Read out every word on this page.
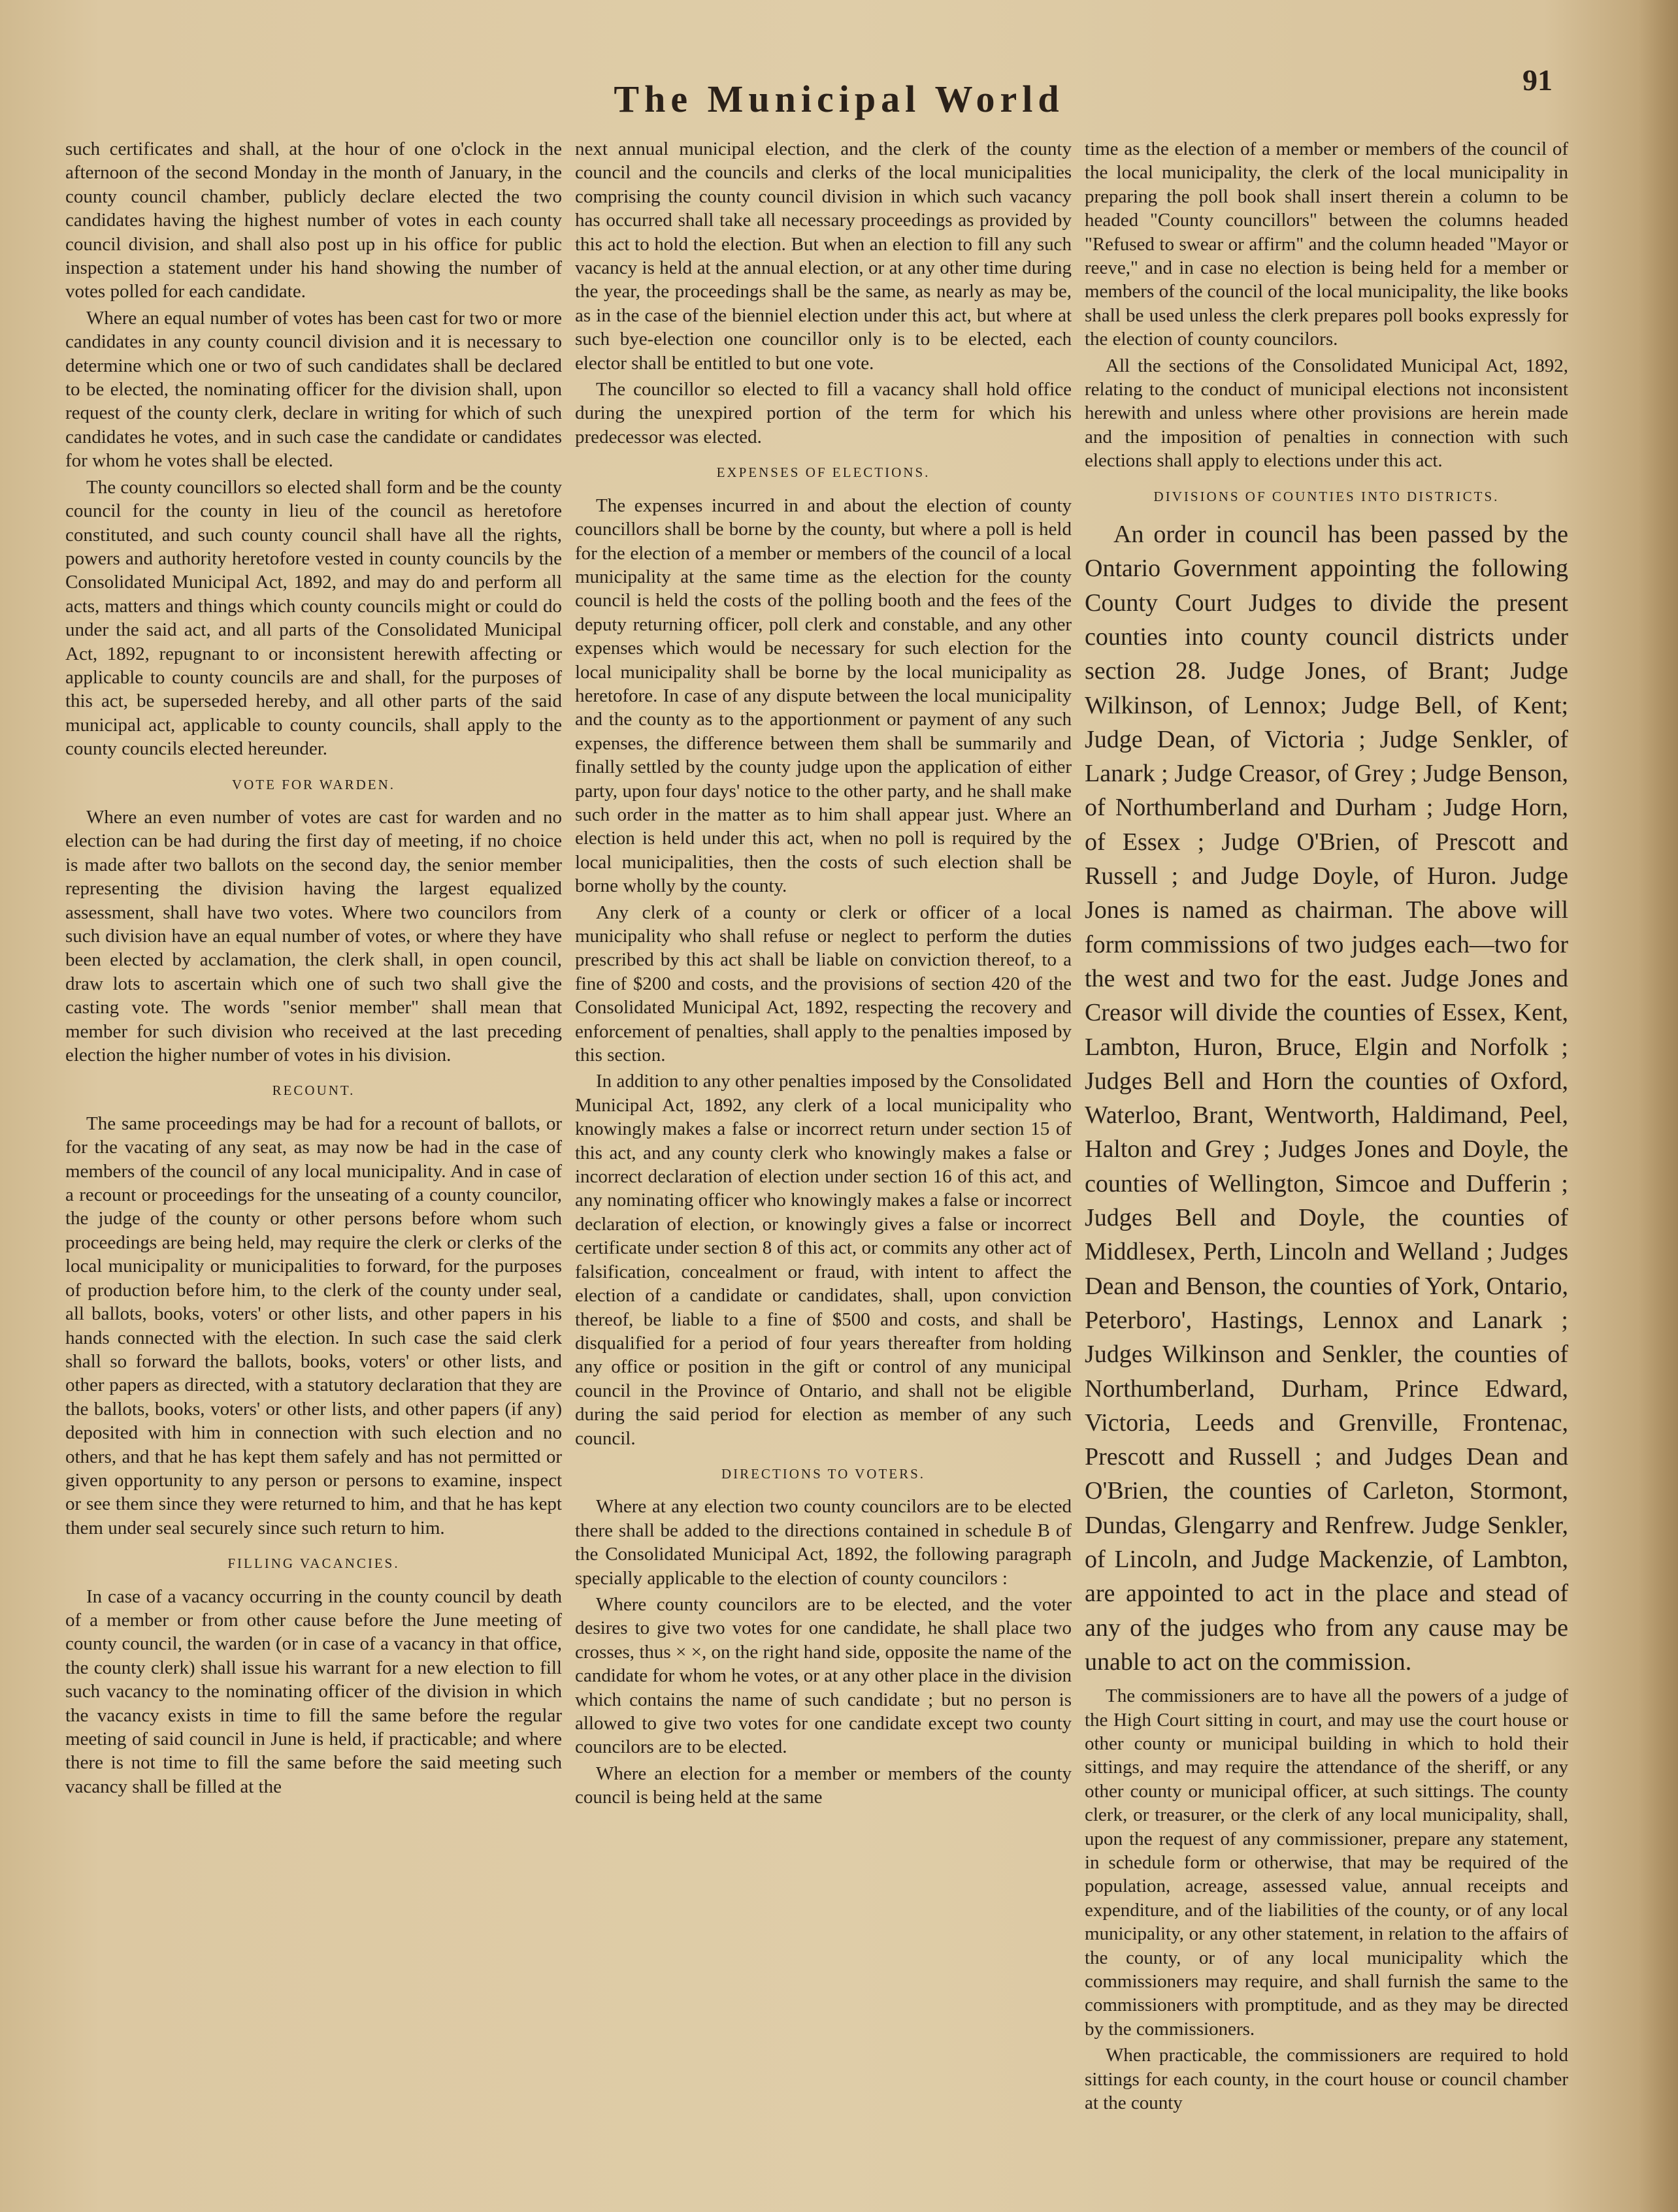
The Municipal World	91

such certificates and shall, at the hour of one o'clock in the afternoon of the second Monday in the month of January, in the county council chamber, publicly declare elected the two candidates having the highest number of votes in each county council division, and shall also post up in his office for public inspection a statement under his hand showing the number of votes polled for each candidate.

Where an equal number of votes has been cast for two or more candidates in any county council division and it is necessary to determine which one or two of such candidates shall be declared to be elected, the nominating officer for the division shall, upon request of the county clerk, declare in writing for which of such candidates he votes, and in such case the candidate or candidates for whom he votes shall be elected.

The county councillors so elected shall form and be the county council for the county in lieu of the council as heretofore constituted, and such county council shall have all the rights, powers and authority heretofore vested in county councils by the Consolidated Municipal Act, 1892, and may do and perform all acts, matters and things which county councils might or could do under the said act, and all parts of the Consolidated Municipal Act, 1892, repugnant to or inconsistent herewith affecting or applicable to county councils are and shall, for the purposes of this act, be superseded hereby, and all other parts of the said municipal act, applicable to county councils, shall apply to the county councils elected hereunder.

VOTE FOR WARDEN.

Where an even number of votes are cast for warden and no election can be had during the first day of meeting, if no choice is made after two ballots on the second day, the senior member representing the division having the largest equalized assessment, shall have two votes. Where two councilors from such division have an equal number of votes, or where they have been elected by acclamation, the clerk shall, in open council, draw lots to ascertain which one of such two shall give the casting vote. The words "senior member" shall mean that member for such division who received at the last preceding election the higher number of votes in his division.

RECOUNT.

The same proceedings may be had for a recount of ballots, or for the vacating of any seat, as may now be had in the case of members of the council of any local municipality. And in case of a recount or proceedings for the unseating of a county councilor, the judge of the county or other persons before whom such proceedings are being held, may require the clerk or clerks of the local municipality or municipalities to forward, for the purposes of production before him, to the clerk of the county under seal, all ballots, books, voters' or other lists, and other papers in his hands connected with the election. In such case the said clerk shall so forward the ballots, books, voters' or other lists, and other papers as directed, with a statutory declaration that they are the ballots, books, voters' or other lists, and other papers (if any) deposited with him in connection with such election and no others, and that he has kept them safely and has not permitted or given opportunity to any person or persons to examine, inspect or see them since they were returned to him, and that he has kept them under seal securely since such return to him.

FILLING VACANCIES.

In case of a vacancy occurring in the county council by death of a member or from other cause before the June meeting of county council, the warden (or in case of a vacancy in that office, the county clerk) shall issue his warrant for a new election to fill such vacancy to the nominating officer of the division in which the vacancy exists in time to fill the same before the regular meeting of said council in June is held, if practicable; and where there is not time to fill the same before the said meeting such vacancy shall be filled at the

next annual municipal election, and the clerk of the county council and the councils and clerks of the local municipalities comprising the county council division in which such vacancy has occurred shall take all necessary proceedings as provided by this act to hold the election. But when an election to fill any such vacancy is held at the annual election, or at any other time during the year, the proceedings shall be the same, as nearly as may be, as in the case of the bienniel election under this act, but where at such bye-election one councillor only is to be elected, each elector shall be entitled to but one vote.

The councillor so elected to fill a vacancy shall hold office during the unexpired portion of the term for which his predecessor was elected.

EXPENSES OF ELECTIONS.

The expenses incurred in and about the election of county councillors shall be borne by the county, but where a poll is held for the election of a member or members of the council of a local municipality at the same time as the election for the county council is held the costs of the polling booth and the fees of the deputy returning officer, poll clerk and constable, and any other expenses which would be necessary for such election for the local municipality shall be borne by the local municipality as heretofore. In case of any dispute between the local municipality and the county as to the apportionment or payment of any such expenses, the difference between them shall be summarily and finally settled by the county judge upon the application of either party, upon four days' notice to the other party, and he shall make such order in the matter as to him shall appear just. Where an election is held under this act, when no poll is required by the local municipalities, then the costs of such election shall be borne wholly by the county.

Any clerk of a county or clerk or officer of a local municipality who shall refuse or neglect to perform the duties prescribed by this act shall be liable on conviction thereof, to a fine of $200 and costs, and the provisions of section 420 of the Consolidated Municipal Act, 1892, respecting the recovery and enforcement of penalties, shall apply to the penalties imposed by this section.

In addition to any other penalties imposed by the Consolidated Municipal Act, 1892, any clerk of a local municipality who knowingly makes a false or incorrect return under section 15 of this act, and any county clerk who knowingly makes a false or incorrect declaration of election under section 16 of this act, and any nominating officer who knowingly makes a false or incorrect declaration of election, or knowingly gives a false or incorrect certificate under section 8 of this act, or commits any other act of falsification, concealment or fraud, with intent to affect the election of a candidate or candidates, shall, upon conviction thereof, be liable to a fine of $500 and costs, and shall be disqualified for a period of four years thereafter from holding any office or position in the gift or control of any municipal council in the Province of Ontario, and shall not be eligible during the said period for election as member of any such council.

DIRECTIONS TO VOTERS.

Where at any election two county councilors are to be elected there shall be added to the directions contained in schedule B of the Consolidated Municipal Act, 1892, the following paragraph specially applicable to the election of county councilors :

Where county councilors are to be elected, and the voter desires to give two votes for one candidate, he shall place two crosses, thus × ×, on the right hand side, opposite the name of the candidate for whom he votes, or at any other place in the division which contains the name of such candidate ; but no person is allowed to give two votes for one candidate except two county councilors are to be elected.

Where an election for a member or members of the county council is being held at the same

time as the election of a member or members of the council of the local municipality, the clerk of the local municipality in preparing the poll book shall insert therein a column to be headed "County councillors" between the columns headed "Refused to swear or affirm" and the column headed "Mayor or reeve," and in case no election is being held for a member or members of the council of the local municipality, the like books shall be used unless the clerk prepares poll books expressly for the election of county councilors.

All the sections of the Consolidated Municipal Act, 1892, relating to the conduct of municipal elections not inconsistent herewith and unless where other provisions are herein made and the imposition of penalties in connection with such elections shall apply to elections under this act.

DIVISIONS OF COUNTIES INTO DISTRICTS.

An order in council has been passed by the Ontario Government appointing the following County Court Judges to divide the present counties into county council districts under section 28. Judge Jones, of Brant; Judge Wilkinson, of Lennox; Judge Bell, of Kent; Judge Dean, of Victoria ; Judge Senkler, of Lanark ; Judge Creasor, of Grey ; Judge Benson, of Northumberland and Durham ; Judge Horn, of Essex ; Judge O'Brien, of Prescott and Russell ; and Judge Doyle, of Huron. Judge Jones is named as chairman. The above will form commissions of two judges each—two for the west and two for the east. Judge Jones and Creasor will divide the counties of Essex, Kent, Lambton, Huron, Bruce, Elgin and Norfolk ; Judges Bell and Horn the counties of Oxford, Waterloo, Brant, Wentworth, Haldimand, Peel, Halton and Grey ; Judges Jones and Doyle, the counties of Wellington, Simcoe and Dufferin ; Judges Bell and Doyle, the counties of Middlesex, Perth, Lincoln and Welland ; Judges Dean and Benson, the counties of York, Ontario, Peterboro', Hastings, Lennox and Lanark ; Judges Wilkinson and Senkler, the counties of Northumberland, Durham, Prince Edward, Victoria, Leeds and Grenville, Frontenac, Prescott and Russell ; and Judges Dean and O'Brien, the counties of Carleton, Stormont, Dundas, Glengarry and Renfrew. Judge Senkler, of Lincoln, and Judge Mackenzie, of Lambton, are appointed to act in the place and stead of any of the judges who from any cause may be unable to act on the commission.

The commissioners are to have all the powers of a judge of the High Court sitting in court, and may use the court house or other county or municipal building in which to hold their sittings, and may require the attendance of the sheriff, or any other county or municipal officer, at such sittings. The county clerk, or treasurer, or the clerk of any local municipality, shall, upon the request of any commissioner, prepare any statement, in schedule form or otherwise, that may be required of the population, acreage, assessed value, annual receipts and expenditure, and of the liabilities of the county, or of any local municipality, or any other statement, in relation to the affairs of the county, or of any local municipality which the commissioners may require, and shall furnish the same to the commissioners with promptitude, and as they may be directed by the commissioners.

When practicable, the commissioners are required to hold sittings for each county, in the court house or council chamber at the county
